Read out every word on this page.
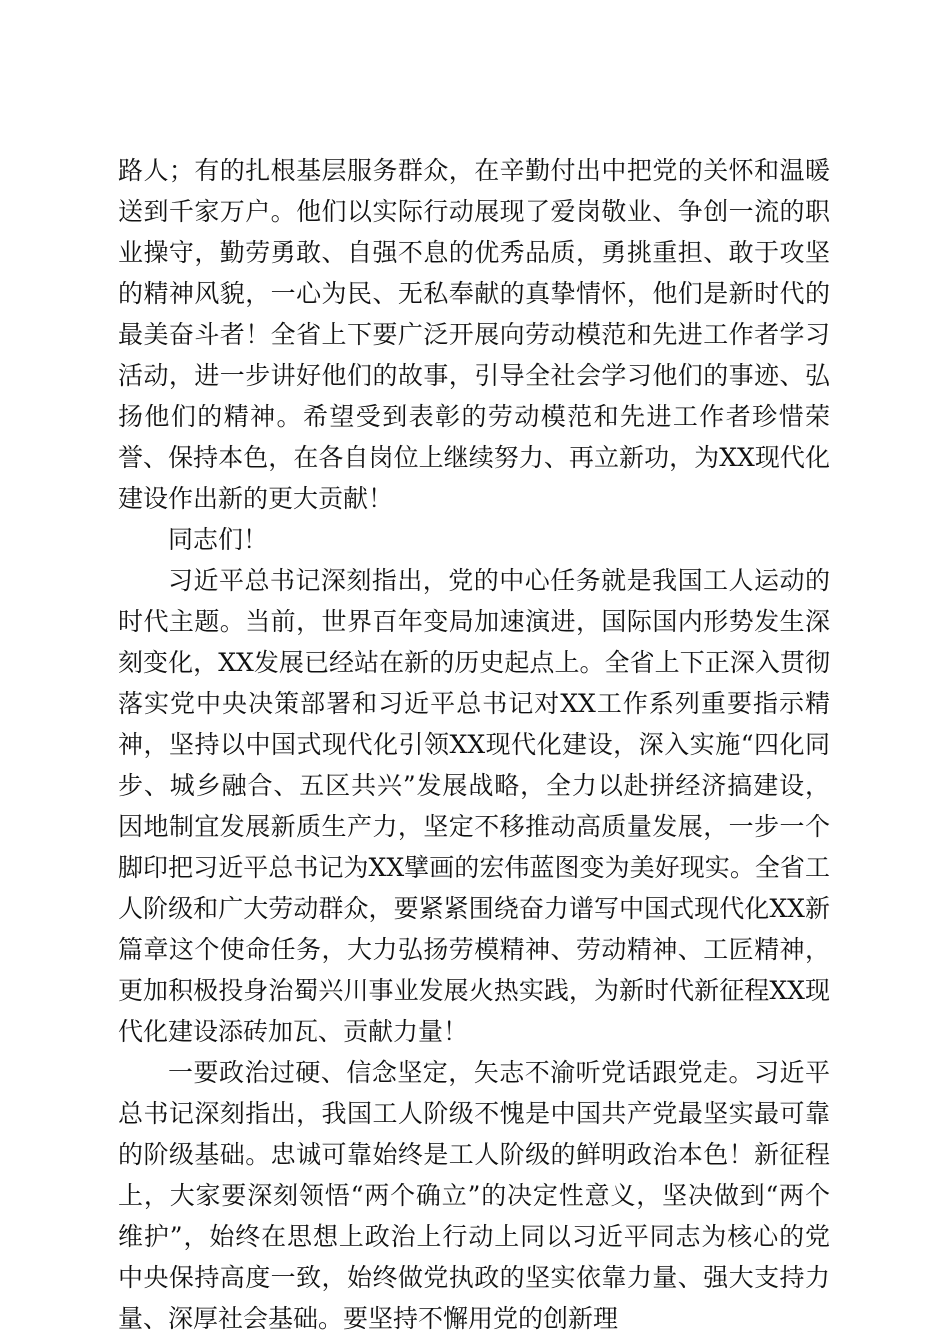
路人；有的扎根基层服务群众，在辛勤付出中把党的关怀和温暖送到千家万户。他们以实际行动展现了爱岗敬业、争创一流的职业操守，勤劳勇敢、自强不息的优秀品质，勇挑重担、敢于攻坚的精神风貌，一心为民、无私奉献的真挚情怀，他们是新时代的最美奋斗者！全省上下要广泛开展向劳动模范和先进工作者学习活动，进一步讲好他们的故事，引导全社会学习他们的事迹、弘扬他们的精神。希望受到表彰的劳动模范和先进工作者珍惜荣誉、保持本色，在各自岗位上继续努力、再立新功，为XX现代化建设作出新的更大贡献！

同志们！

习近平总书记深刻指出，党的中心任务就是我国工人运动的时代主题。当前，世界百年变局加速演进，国际国内形势发生深刻变化，XX发展已经站在新的历史起点上。全省上下正深入贯彻落实党中央决策部署和习近平总书记对XX工作系列重要指示精神，坚持以中国式现代化引领XX现代化建设，深入实施“四化同步、城乡融合、五区共兴”发展战略，全力以赴拼经济搞建设，因地制宜发展新质生产力，坚定不移推动高质量发展，一步一个脚印把习近平总书记为XX擘画的宏伟蓝图变为美好现实。全省工人阶级和广大劳动群众，要紧紧围绕奋力谱写中国式现代化XX新篇章这个使命任务，大力弘扬劳模精神、劳动精神、工匠精神，更加积极投身治蜀兴川事业发展火热实践，为新时代新征程XX现代化建设添砖加瓦、贡献力量！

一要政治过硬、信念坚定，矢志不渝听党话跟党走。习近平总书记深刻指出，我国工人阶级不愧是中国共产党最坚实最可靠的阶级基础。忠诚可靠始终是工人阶级的鲜明政治本色！新征程上，大家要深刻领悟“两个确立”的决定性意义，坚决做到“两个维护”，始终在思想上政治上行动上同以习近平同志为核心的党中央保持高度一致，始终做党执政的坚实依靠力量、强大支持力量、深厚社会基础。要坚持不懈用党的创新理
